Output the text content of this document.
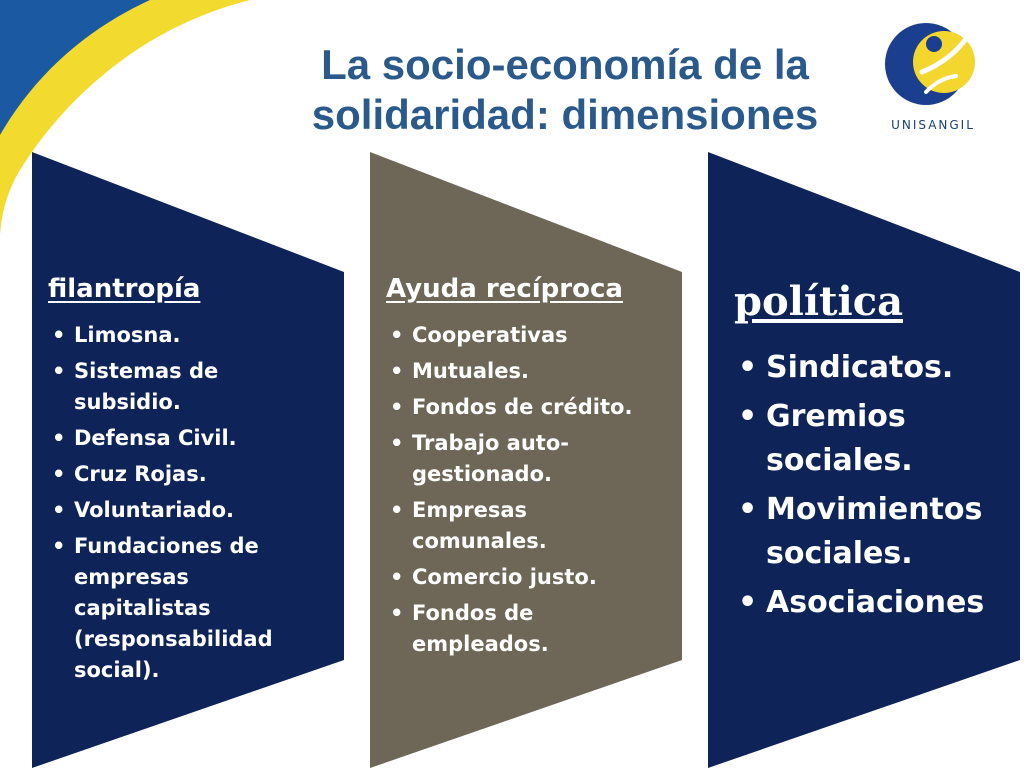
La socio-economía de la solidaridad: dimensiones	UNISANGIL
filantropía
• Limosna.
• Sistemas de subsidio.
• Defensa Civil.
• Cruz Rojas.
• Voluntariado.
• Fundaciones de empresas capitalistas (responsabilidad social).
Ayuda recíproca
• Cooperativas
• Mutuales.
• Fondos de crédito.
• Trabajo auto-gestionado.
• Empresas comunales.
• Comercio justo.
• Fondos de empleados.
política
• Sindicatos.
• Gremios sociales.
• Movimientos sociales.
• Asociaciones
